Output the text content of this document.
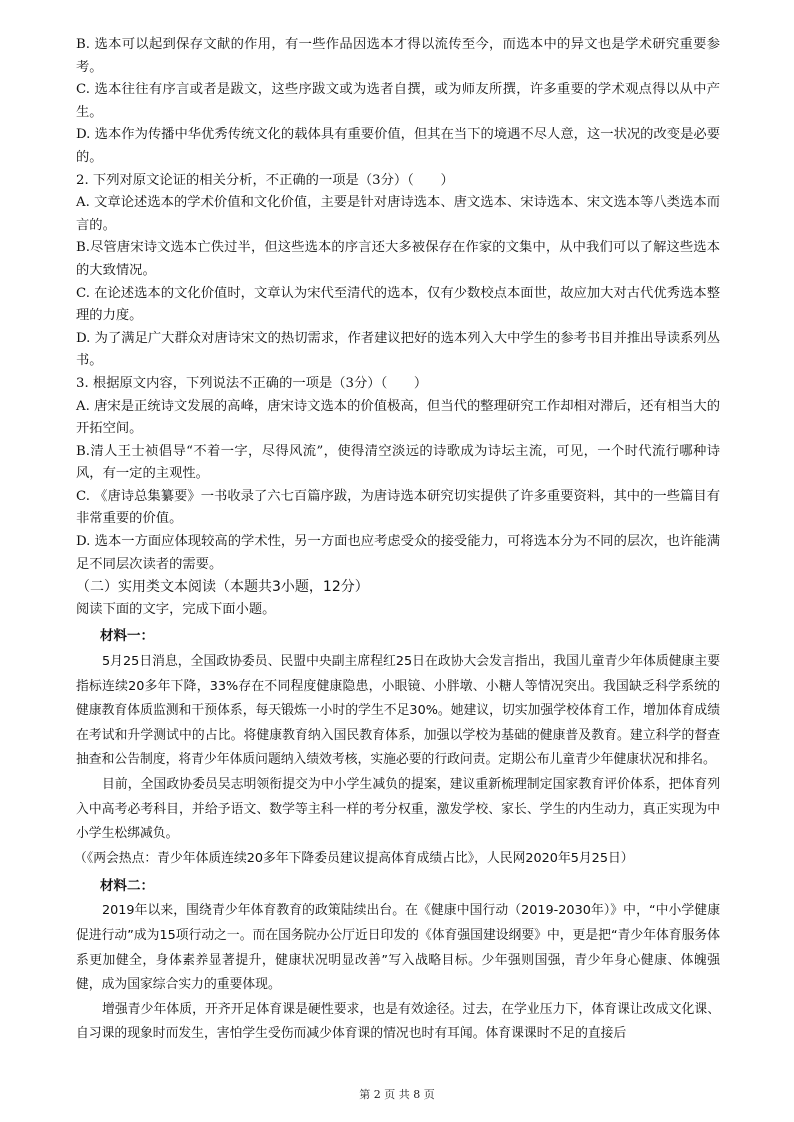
B. 选本可以起到保存文献的作用，有一些作品因选本才得以流传至今，而选本中的异文也是学术研究重要参考。

C. 选本往往有序言或者是跋文，这些序跋文或为选者自撰，或为师友所撰，许多重要的学术观点得以从中产生。

D. 选本作为传播中华优秀传统文化的载体具有重要价值，但其在当下的境遇不尽人意，这一状况的改变是必要的。

2. 下列对原文论证的相关分析，不正确的一项是（3分）（　　）

A. 文章论述选本的学术价值和文化价值，主要是针对唐诗选本、唐文选本、宋诗选本、宋文选本等八类选本而言的。

B.尽管唐宋诗文选本亡佚过半，但这些选本的序言还大多被保存在作家的文集中，从中我们可以了解这些选本的大致情况。

C. 在论述选本的文化价值时，文章认为宋代至清代的选本，仅有少数校点本面世，故应加大对古代优秀选本整理的力度。

D. 为了满足广大群众对唐诗宋文的热切需求，作者建议把好的选本列入大中学生的参考书目并推出导读系列丛书。

3. 根据原文内容，下列说法不正确的一项是（3分）（　　）

A. 唐宋是正统诗文发展的高峰，唐宋诗文选本的价值极高，但当代的整理研究工作却相对滞后，还有相当大的开拓空间。

B.清人王士祯倡导“不着一字，尽得风流”，使得清空淡远的诗歌成为诗坛主流，可见，一个时代流行哪种诗风，有一定的主观性。

C. 《唐诗总集纂要》一书收录了六七百篇序跋，为唐诗选本研究切实提供了许多重要资料，其中的一些篇目有非常重要的价值。

D. 选本一方面应体现较高的学术性，另一方面也应考虑受众的接受能力，可将选本分为不同的层次，也许能满足不同层次读者的需要。

（二）实用类文本阅读（本题共3小题，12分）

阅读下面的文字，完成下面小题。

材料一：

5月25日消息，全国政协委员、民盟中央副主席程红25日在政协大会发言指出，我国儿童青少年体质健康主要指标连续20多年下降，33%存在不同程度健康隐患，小眼镜、小胖墩、小糖人等情况突出。我国缺乏科学系统的健康教育体质监测和干预体系，每天锻炼一小时的学生不足30%。她建议，切实加强学校体育工作，增加体育成绩在考试和升学测试中的占比。将健康教育纳入国民教育体系，加强以学校为基础的健康普及教育。建立科学的督查抽查和公告制度，将青少年体质问题纳入绩效考核，实施必要的行政问责。定期公布儿童青少年健康状况和排名。

目前，全国政协委员吴志明领衔提交为中小学生减负的提案，建议重新梳理制定国家教育评价体系，把体育列入中高考必考科目，并给予语文、数学等主科一样的考分权重，激发学校、家长、学生的内生动力，真正实现为中小学生松绑减负。

（《两会热点：青少年体质连续20多年下降委员建议提高体育成绩占比》，人民网2020年5月25日）

材料二：

2019年以来，围绕青少年体育教育的政策陆续出台。在《健康中国行动（2019-2030年）》中，“中小学健康促进行动”成为15项行动之一。而在国务院办公厅近日印发的《体育强国建设纲要》中，更是把“青少年体育服务体系更加健全，身体素养显著提升，健康状况明显改善”写入战略目标。少年强则国强，青少年身心健康、体魄强健，成为国家综合实力的重要体现。

增强青少年体质，开齐开足体育课是硬性要求，也是有效途径。过去，在学业压力下，体育课让改成文化课、自习课的现象时而发生，害怕学生受伤而减少体育课的情况也时有耳闻。体育课课时不足的直接后

第 2 页 共 8 页
